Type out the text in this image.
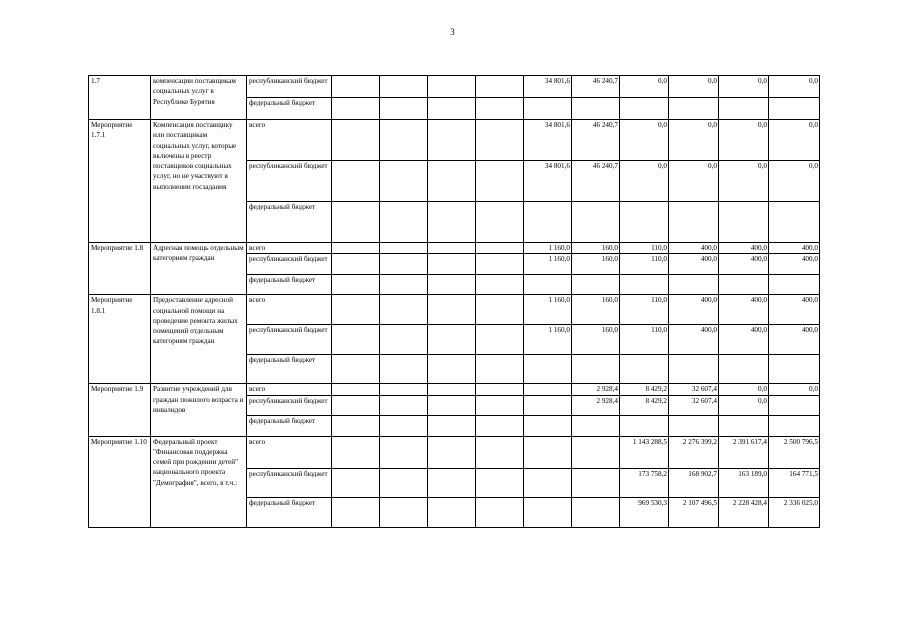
3
1.7	компенсации поставщикам социальных услуг в Республике Бурятия	республиканский бюджет					34 801,6	46 240,7	0,0	0,0	0,0	0,0
		федеральный бюджет										
Мероприятие 1.7.1	Компенсация поставщику или поставщикам социальных услуг, которые включены в реестр поставщиков социальных услуг, но не участвуют в выполнении госзадания	всего					34 801,6	46 240,7	0,0	0,0	0,0	0,0
		республиканский бюджет					34 801,6	46 240,7	0,0	0,0	0,0	0,0
		федеральный бюджет										
Мероприятие 1.8	Адресная помощь отдельным категориям граждан	всего					1 160,0	160,0	110,0	400,0	400,0	400,0
		республиканский бюджет					1 160,0	160,0	110,0	400,0	400,0	400,0
		федеральный бюджет										
Мероприятие 1.8.1	Предоставление адресной социальной помощи на проведение ремонта жилых помещений отдельным категориям граждан	всего					1 160,0	160,0	110,0	400,0	400,0	400,0
		республиканский бюджет					1 160,0	160,0	110,0	400,0	400,0	400,0
		федеральный бюджет										
Мероприятие 1.9	Развитие учреждений для граждан пожилого возраста и инвалидов	всего						2 928,4	8 429,2	32 607,4	0,0	0,0
		республиканский бюджет						2 928,4	8 429,2	32 607,4	0,0	
		федеральный бюджет										
Мероприятие 1.10	Федеральный проект "Финансовая поддержка семей при рождении детей" национального проекта "Демография", всего, в т.ч.:	всего							1 143 288,5	2 276 399,2	2 391 617,4	2 500 796,5
		республиканский бюджет							173 758,2	168 902,7	163 189,0	164 771,5
		федеральный бюджет							969 530,3	2 107 496,5	2 228 428,4	2 336 025,0
